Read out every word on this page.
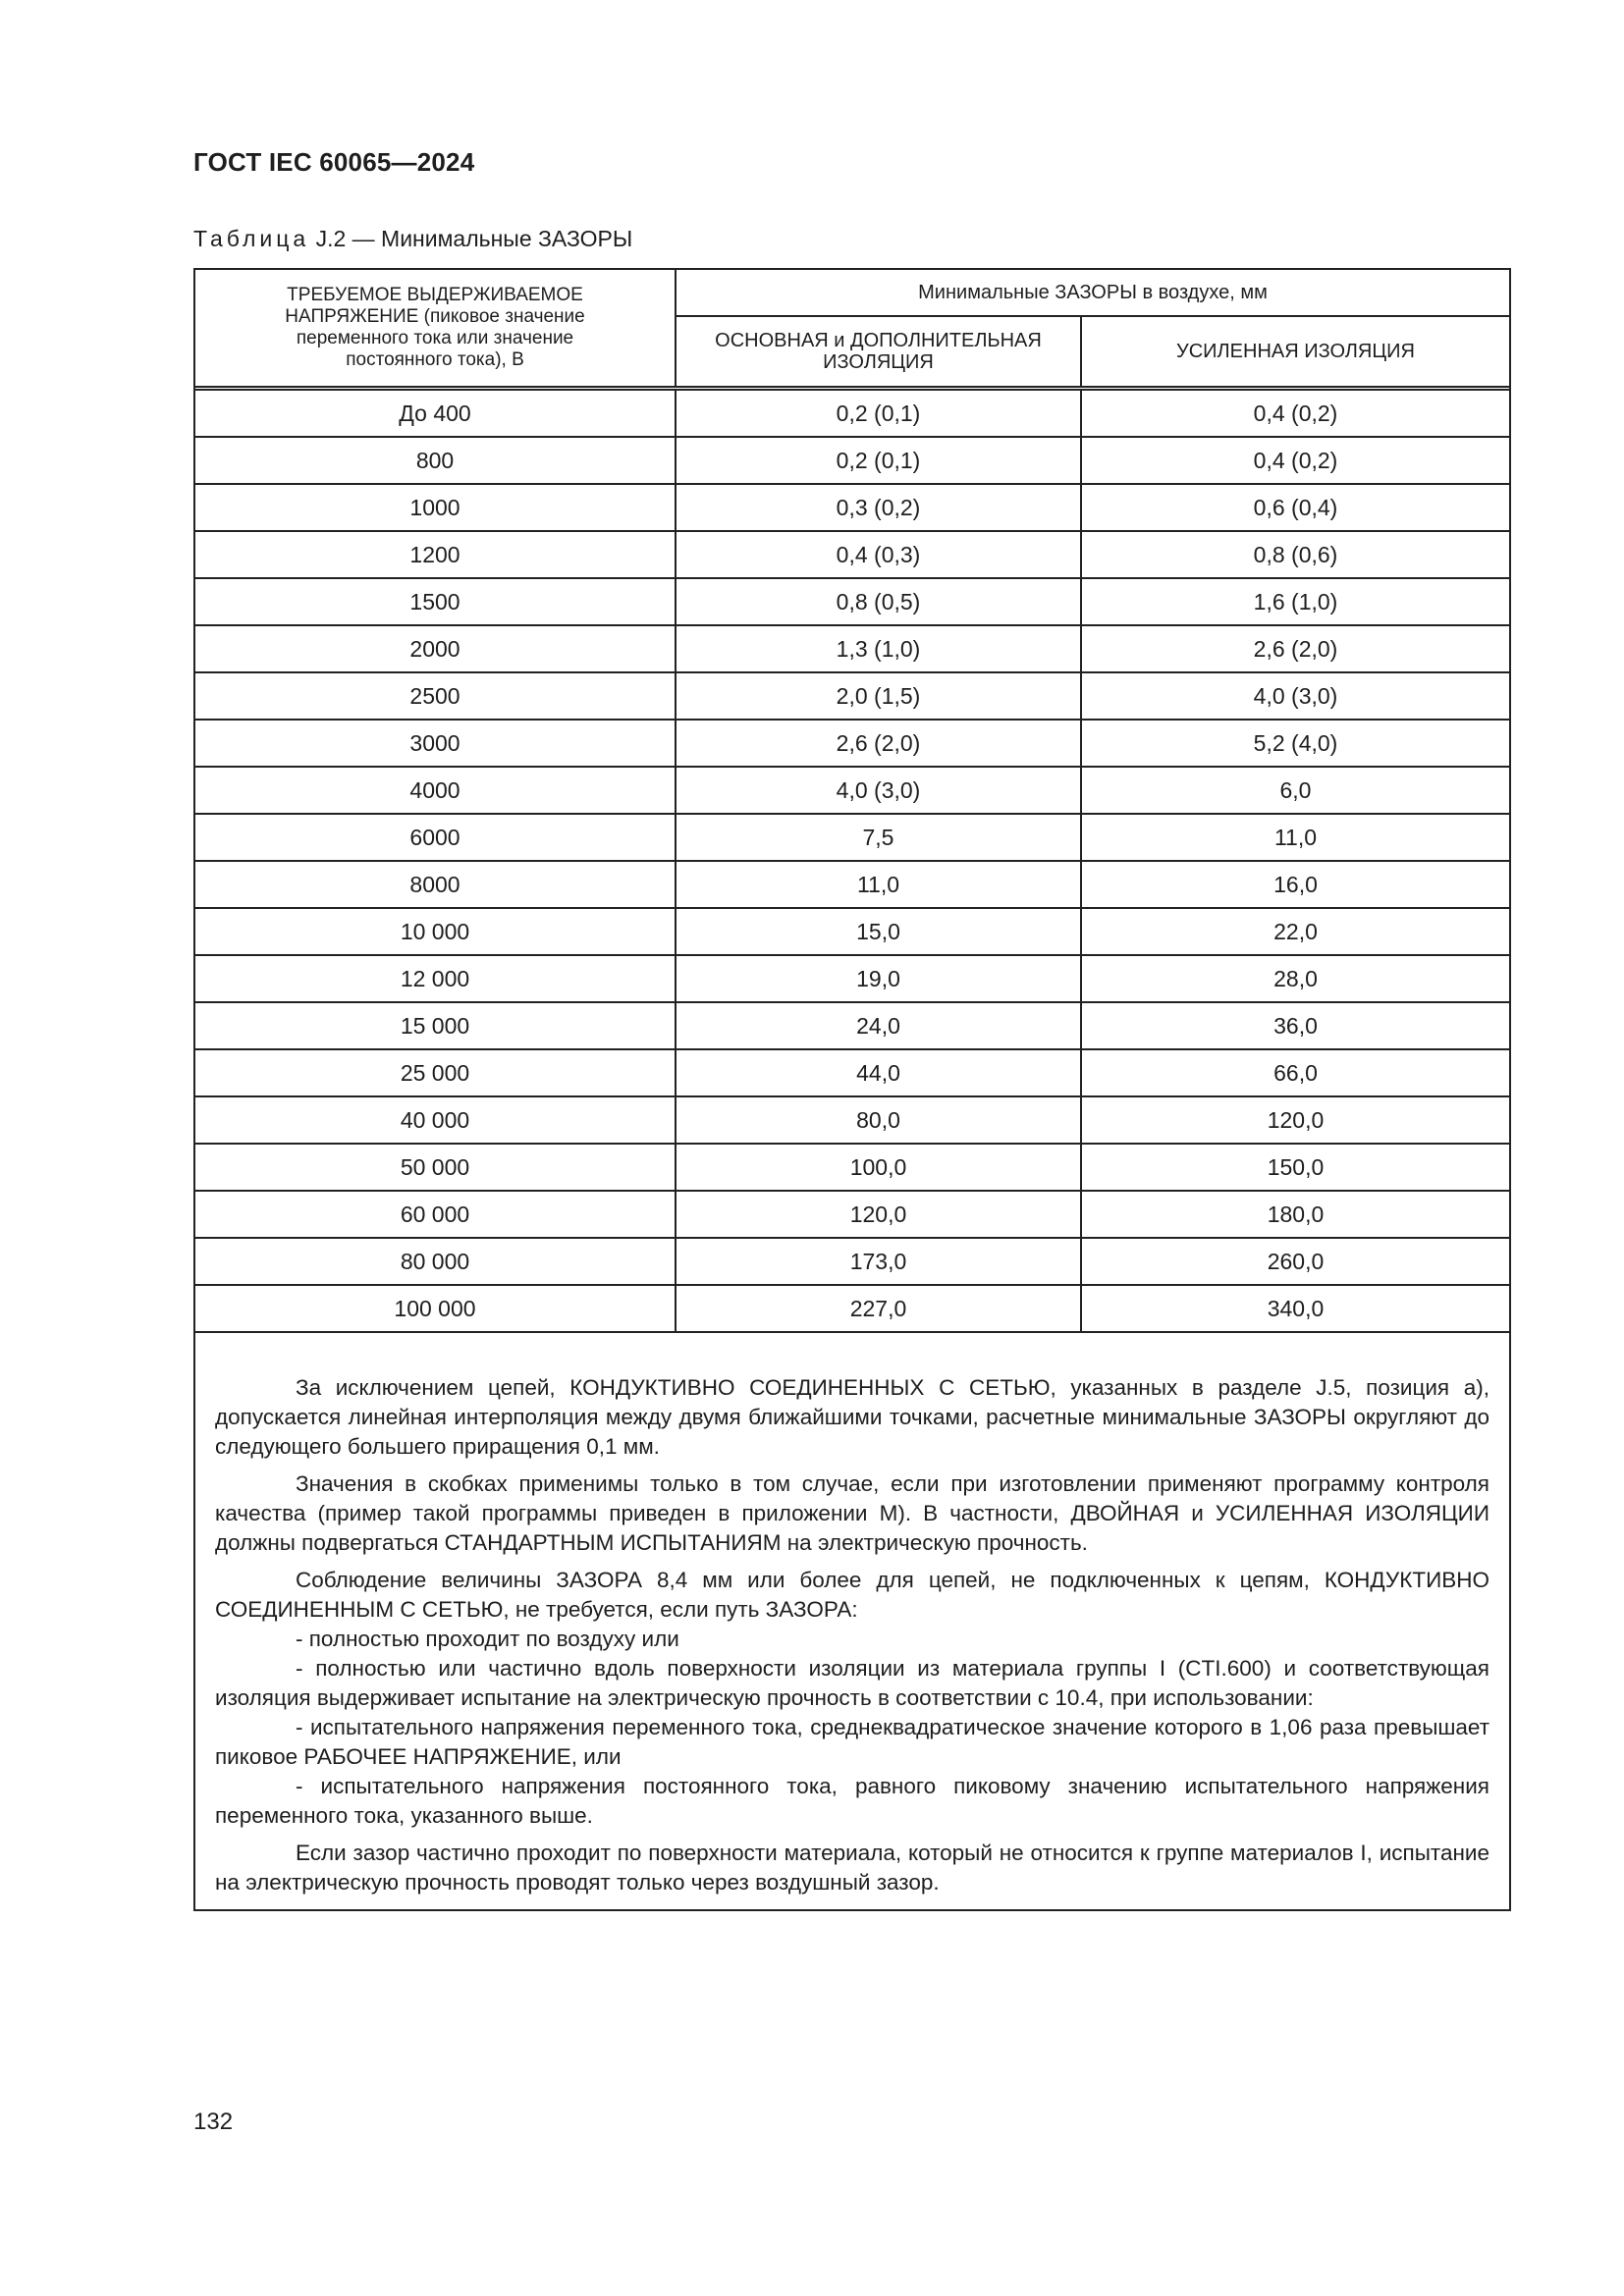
ГОСТ IEC 60065—2024
Таблица J.2 — Минимальные ЗАЗОРЫ
ТРЕБУЕМОЕ ВЫДЕРЖИВАЕМОЕ НАПРЯЖЕНИЕ (пиковое значение переменного тока или значение постоянного тока), В	Минимальные ЗАЗОРЫ в воздухе, мм	
	ОСНОВНАЯ и ДОПОЛНИТЕЛЬНАЯ ИЗОЛЯЦИЯ	УСИЛЕННАЯ ИЗОЛЯЦИЯ
До 400	0,2 (0,1)	0,4 (0,2)
800	0,2 (0,1)	0,4 (0,2)
1000	0,3 (0,2)	0,6 (0,4)
1200	0,4 (0,3)	0,8 (0,6)
1500	0,8 (0,5)	1,6 (1,0)
2000	1,3 (1,0)	2,6 (2,0)
2500	2,0 (1,5)	4,0 (3,0)
3000	2,6 (2,0)	5,2 (4,0)
4000	4,0 (3,0)	6,0
6000	7,5	11,0
8000	11,0	16,0
10 000	15,0	22,0
12 000	19,0	28,0
15 000	24,0	36,0
25 000	44,0	66,0
40 000	80,0	120,0
50 000	100,0	150,0
60 000	120,0	180,0
80 000	173,0	260,0
100 000	227,0	340,0

За исключением цепей, КОНДУКТИВНО СОЕДИНЕННЫХ С СЕТЬЮ, указанных в разделе J.5, позиция а), допускается линейная интерполяция между двумя ближайшими точками, расчетные минимальные ЗАЗОРЫ округляют до следующего большего приращения 0,1 мм.

Значения в скобках применимы только в том случае, если при изготовлении применяют программу контроля качества (пример такой программы приведен в приложении М). В частности, ДВОЙНАЯ и УСИЛЕННАЯ ИЗОЛЯЦИИ должны подвергаться СТАНДАРТНЫМ ИСПЫТАНИЯМ на электрическую прочность.

Соблюдение величины ЗАЗОРА 8,4 мм или более для цепей, не подключенных к цепям, КОНДУКТИВНО СОЕДИНЕННЫМ С СЕТЬЮ, не требуется, если путь ЗАЗОРА:

- полностью проходит по воздуху или

- полностью или частично вдоль поверхности изоляции из материала группы I (CTI.600) и соответствующая изоляция выдерживает испытание на электрическую прочность в соответствии с 10.4, при использовании:

- испытательного напряжения переменного тока, среднеквадратическое значение которого в 1,06 раза превышает пиковое РАБОЧЕЕ НАПРЯЖЕНИЕ, или

- испытательного напряжения постоянного тока, равного пиковому значению испытательного напряжения переменного тока, указанного выше.

Если зазор частично проходит по поверхности материала, который не относится к группе материалов I, испытание на электрическую прочность проводят только через воздушный зазор.

132
